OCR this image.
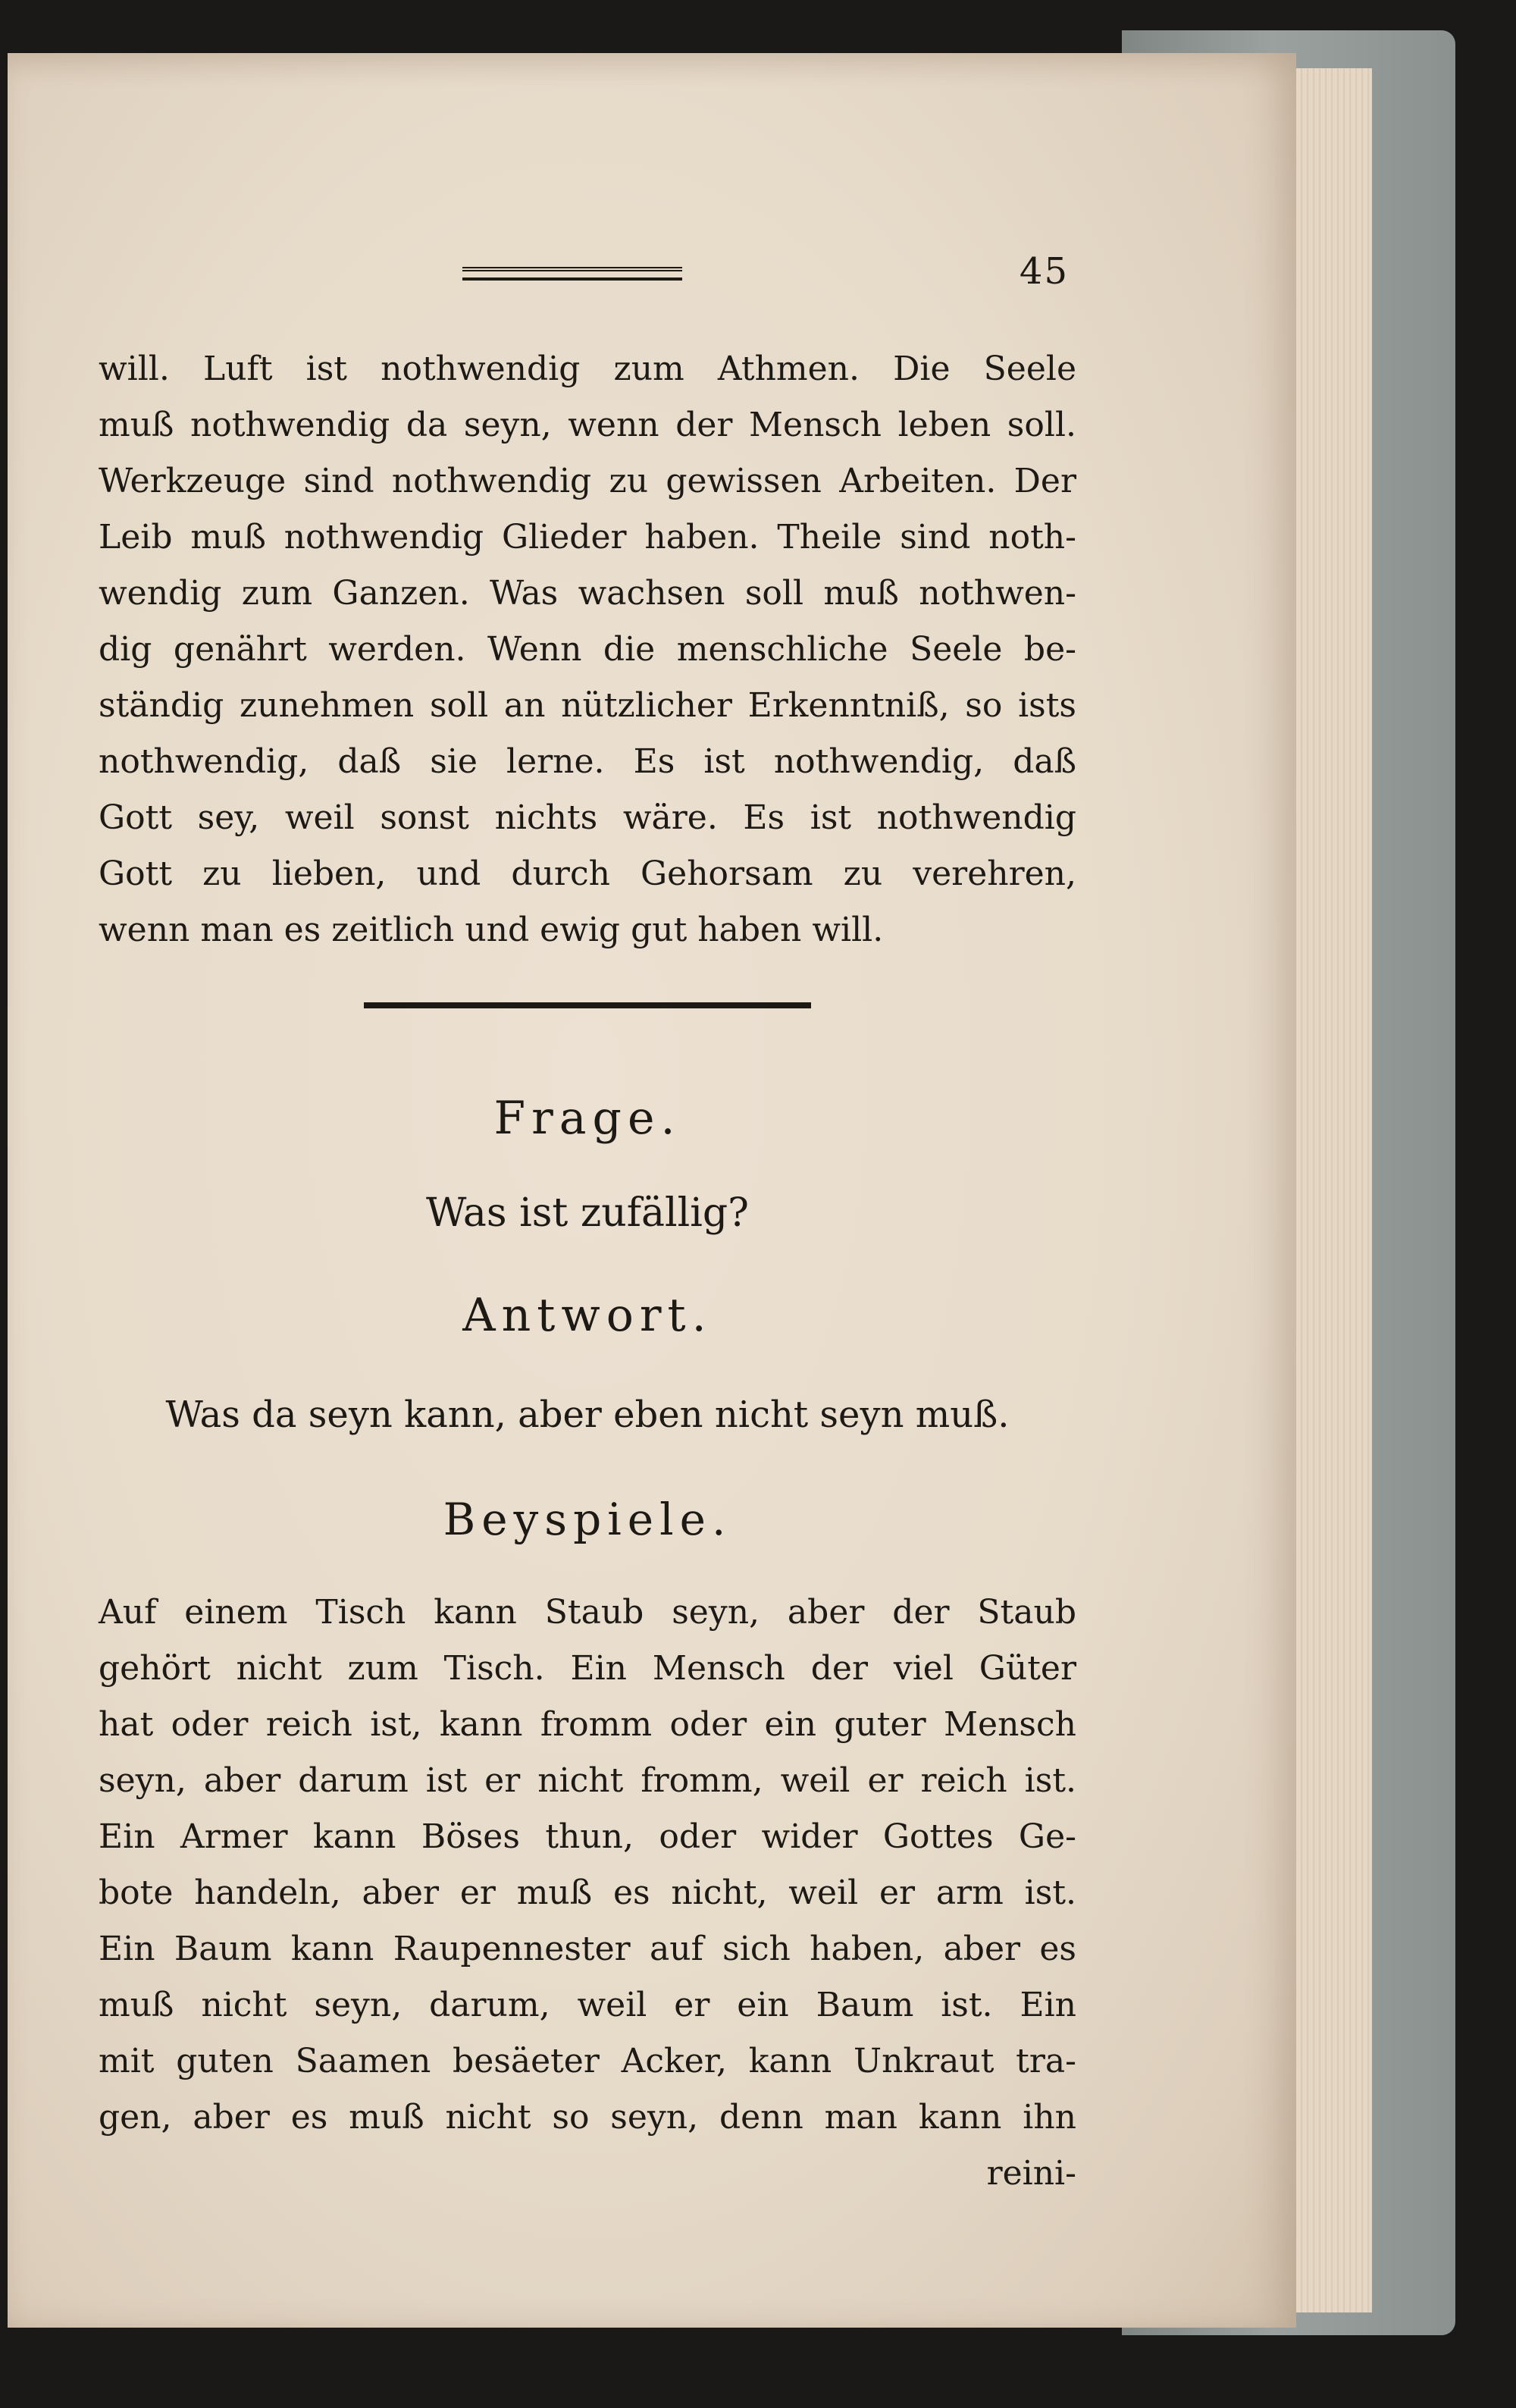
45
will. Luft ist nothwendig zum Athmen. Die Seele
muß nothwendig da seyn, wenn der Mensch leben soll.
Werkzeuge sind nothwendig zu gewissen Arbeiten. Der
Leib muß nothwendig Glieder haben. Theile sind noth-
wendig zum Ganzen. Was wachsen soll muß nothwen-
dig genährt werden. Wenn die menschliche Seele be-
ständig zunehmen soll an nützlicher Erkenntniß, so ists
nothwendig, daß sie lerne. Es ist nothwendig, daß
Gott sey, weil sonst nichts wäre. Es ist nothwendig
Gott zu lieben, und durch Gehorsam zu verehren,
wenn man es zeitlich und ewig gut haben will.
Frage.
Was ist zufällig?
Antwort.
Was da seyn kann, aber eben nicht seyn muß.
Beyspiele.
Auf einem Tisch kann Staub seyn, aber der Staub
gehört nicht zum Tisch. Ein Mensch der viel Güter
hat oder reich ist, kann fromm oder ein guter Mensch
seyn, aber darum ist er nicht fromm, weil er reich ist.
Ein Armer kann Böses thun, oder wider Gottes Ge-
bote handeln, aber er muß es nicht, weil er arm ist.
Ein Baum kann Raupennester auf sich haben, aber es
muß nicht seyn, darum, weil er ein Baum ist. Ein
mit guten Saamen besäeter Acker, kann Unkraut tra-
gen, aber es muß nicht so seyn, denn man kann ihn
reini-
